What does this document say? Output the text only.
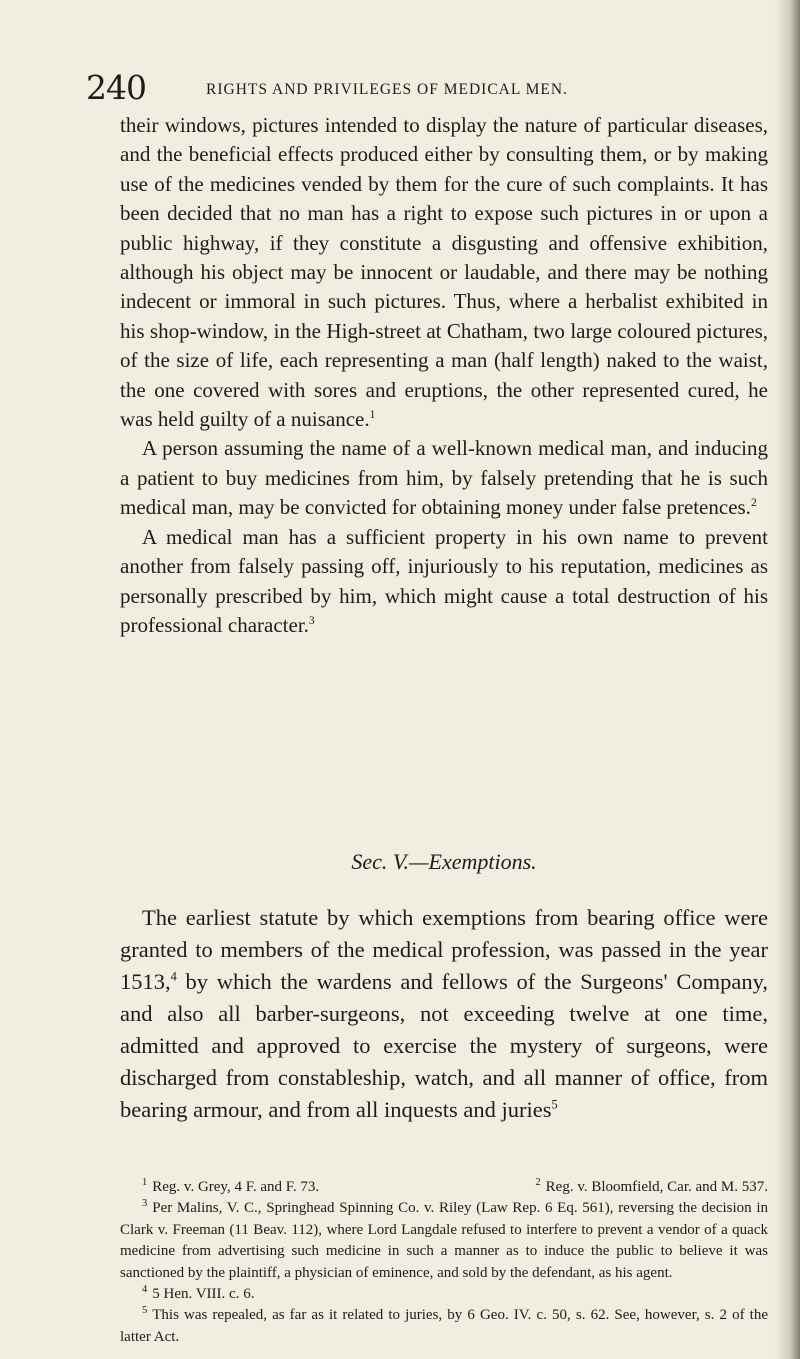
240	RIGHTS AND PRIVILEGES OF MEDICAL MEN.

their windows, pictures intended to display the nature of particular diseases, and the beneficial effects produced either by consulting them, or by making use of the medicines vended by them for the cure of such complaints. It has been decided that no man has a right to expose such pictures in or upon a public highway, if they constitute a disgusting and offensive exhibition, although his object may be innocent or laudable, and there may be nothing indecent or immoral in such pictures. Thus, where a herbalist exhibited in his shop-window, in the High-street at Chatham, two large coloured pictures, of the size of life, each representing a man (half length) naked to the waist, the one covered with sores and eruptions, the other represented cured, he was held guilty of a nuisance.$^1$

A person assuming the name of a well-known medical man, and inducing a patient to buy medicines from him, by falsely pretending that he is such medical man, may be convicted for obtaining money under false pretences.$^2$

A medical man has a sufficient property in his own name to prevent another from falsely passing off, injuriously to his reputation, medicines as personally prescribed by him, which might cause a total destruction of his professional character.$^3$

Sec. V.—Exemptions.

The earliest statute by which exemptions from bearing office were granted to members of the medical profession, was passed in the year 1513,$^4$ by which the wardens and fellows of the Surgeons' Company, and also all barber-surgeons, not exceeding twelve at one time, admitted and approved to exercise the mystery of surgeons, were discharged from constableship, watch, and all manner of office, from bearing armour, and from all inquests and juries$^5$

$^1$ Reg. v. Grey, 4 F. and F. 73.	$^2$ Reg. v. Bloomfield, Car. and M. 537.

$^3$ Per Malins, V. C., Springhead Spinning Co. v. Riley (Law Rep. 6 Eq. 561), reversing the decision in Clark v. Freeman (11 Beav. 112), where Lord Langdale refused to interfere to prevent a vendor of a quack medicine from advertising such medicine in such a manner as to induce the public to believe it was sanctioned by the plaintiff, a physician of eminence, and sold by the defendant, as his agent.

$^4$ 5 Hen. VIII. c. 6.

$^5$ This was repealed, as far as it related to juries, by 6 Geo. IV. c. 50, s. 62. See, however, s. 2 of the latter Act.
